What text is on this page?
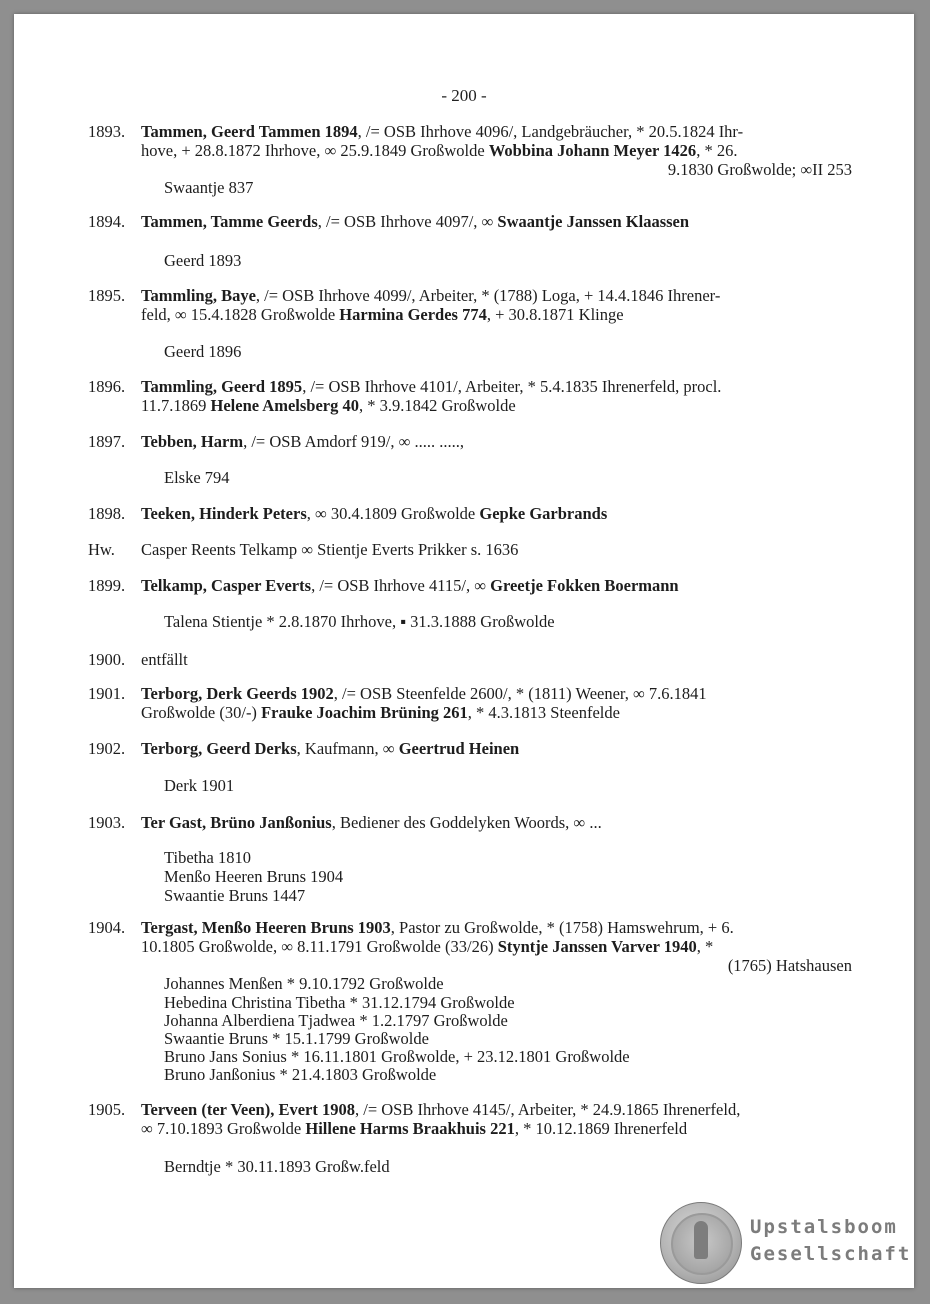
- 200 -
1893. Tammen, Geerd Tammen 1894, /= OSB Ihrhove 4096/, Landgebräucher, * 20.5.1824 Ihr-
hove, + 28.8.1872 Ihrhove, ∞ 25.9.1849 Großwolde Wobbina Johann Meyer 1426, * 26.
9.1830 Großwolde; ∞II 253
1894. Tammen, Tamme Geerds, /= OSB Ihrhove 4097/, ∞ Swaantje Janssen Klaassen
1895. Tammling, Baye, /= OSB Ihrhove 4099/, Arbeiter, * (1788) Loga, + 14.4.1846 Ihrener-
feld, ∞ 15.4.1828 Großwolde Harmina Gerdes 774, + 30.8.1871 Klinge
1896. Tammling, Geerd 1895, /= OSB Ihrhove 4101/, Arbeiter, * 5.4.1835 Ihrenerfeld, procl.
11.7.1869 Helene Amelsberg 40, * 3.9.1842 Großwolde
1897. Tebben, Harm, /= OSB Amdorf 919/, ∞ ..... .....,
1898. Teeken, Hinderk Peters, ∞ 30.4.1809 Großwolde Gepke Garbrands
Hw.	Casper Reents Telkamp ∞ Stientje Everts Prikker s. 1636
1899. Telkamp, Casper Everts, /= OSB Ihrhove 4115/, ∞ Greetje Fokken Boermann
1900. entfällt
1901. Terborg, Derk Geerds 1902, /= OSB Steenfelde 2600/, * (1811) Weener, ∞ 7.6.1841
Großwolde (30/-) Frauke Joachim Brüning 261, * 4.3.1813 Steenfelde
1902. Terborg, Geerd Derks, Kaufmann, ∞ Geertrud Heinen
1903. Ter Gast, Brüno Janßonius, Bediener des Goddelyken Woords, ∞ ...
1904. Tergast, Menßo Heeren Bruns 1903, Pastor zu Großwolde, * (1758) Hamswehrum, + 6.
10.1805 Großwolde, ∞ 8.11.1791 Großwolde (33/26) Styntje Janssen Varver 1940, *
(1765) Hatshausen
1905. Terveen (ter Veen), Evert 1908, /= OSB Ihrhove 4145/, Arbeiter, * 24.9.1865 Ihrenerfeld,
∞ 7.10.1893 Großwolde Hillene Harms Braakhuis 221, * 10.12.1869 Ihrenerfeld
Swaantje 837
Geerd 1893
Geerd 1896
Elske 794
Talena Stientje * 2.8.1870 Ihrhove, ▪ 31.3.1888 Großwolde
Derk 1901
Tibetha 1810
Menßo Heeren Bruns 1904
Swaantie Bruns 1447
Johannes Menßen * 9.10.1792 Großwolde
Hebedina Christina Tibetha * 31.12.1794 Großwolde
Johanna Alberdiena Tjadwea * 1.2.1797 Großwolde
Swaantie Bruns * 15.1.1799 Großwolde
Bruno Jans Sonius * 16.11.1801 Großwolde, + 23.12.1801 Großwolde
Bruno Janßonius * 21.4.1803 Großwolde
Berndtje * 30.11.1893 Großw.feld
Upstalsboom
Gesellschaft
